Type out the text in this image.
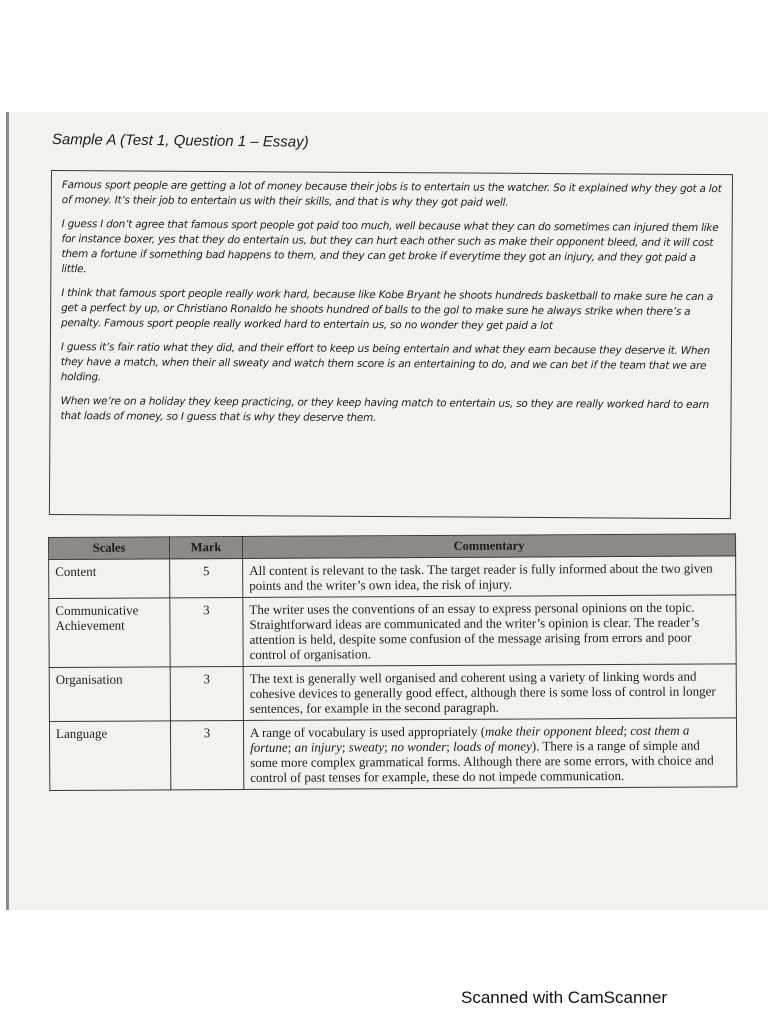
Sample A (Test 1, Question 1 – Essay)

Famous sport people are getting a lot of money because their jobs is to entertain us the watcher. So it explained why they got a lot of money. It’s their job to entertain us with their skills, and that is why they got paid well.

I guess I don’t agree that famous sport people got paid too much, well because what they can do sometimes can injured them like for instance boxer, yes that they do entertain us, but they can hurt each other such as make their opponent bleed, and it will cost them a fortune if something bad happens to them, and they can get broke if everytime they got an injury, and they got paid a little.

I think that famous sport people really work hard, because like Kobe Bryant he shoots hundreds basketball to make sure he can a get a perfect by up, or Christiano Ronaldo he shoots hundred of balls to the gol to make sure he always strike when there’s a penalty. Famous sport people really worked hard to entertain us, so no wonder they get paid a lot

I guess it’s fair ratio what they did, and their effort to keep us being entertain and what they earn because they deserve it. When they have a match, when their all sweaty and watch them score is an entertaining to do, and we can bet if the team that we are holding.

When we’re on a holiday they keep practicing, or they keep having match to entertain us, so they are really worked hard to earn that loads of money, so I guess that is why they deserve them.

Scales	Mark	Commentary
Content	5	All content is relevant to the task. The target reader is fully informed about the two given points and the writer’s own idea, the risk of injury.
Communicative Achievement	3	The writer uses the conventions of an essay to express personal opinions on the topic. Straightforward ideas are communicated and the writer’s opinion is clear. The reader’s attention is held, despite some confusion of the message arising from errors and poor control of organisation.
Organisation	3	The text is generally well organised and coherent using a variety of linking words and cohesive devices to generally good effect, although there is some loss of control in longer sentences, for example in the second paragraph.
Language	3	A range of vocabulary is used appropriately (make their opponent bleed; cost them a fortune; an injury; sweaty; no wonder; loads of money). There is a range of simple and some more complex grammatical forms. Although there are some errors, with choice and control of past tenses for example, these do not impede communication.
Scanned with CamScanner
